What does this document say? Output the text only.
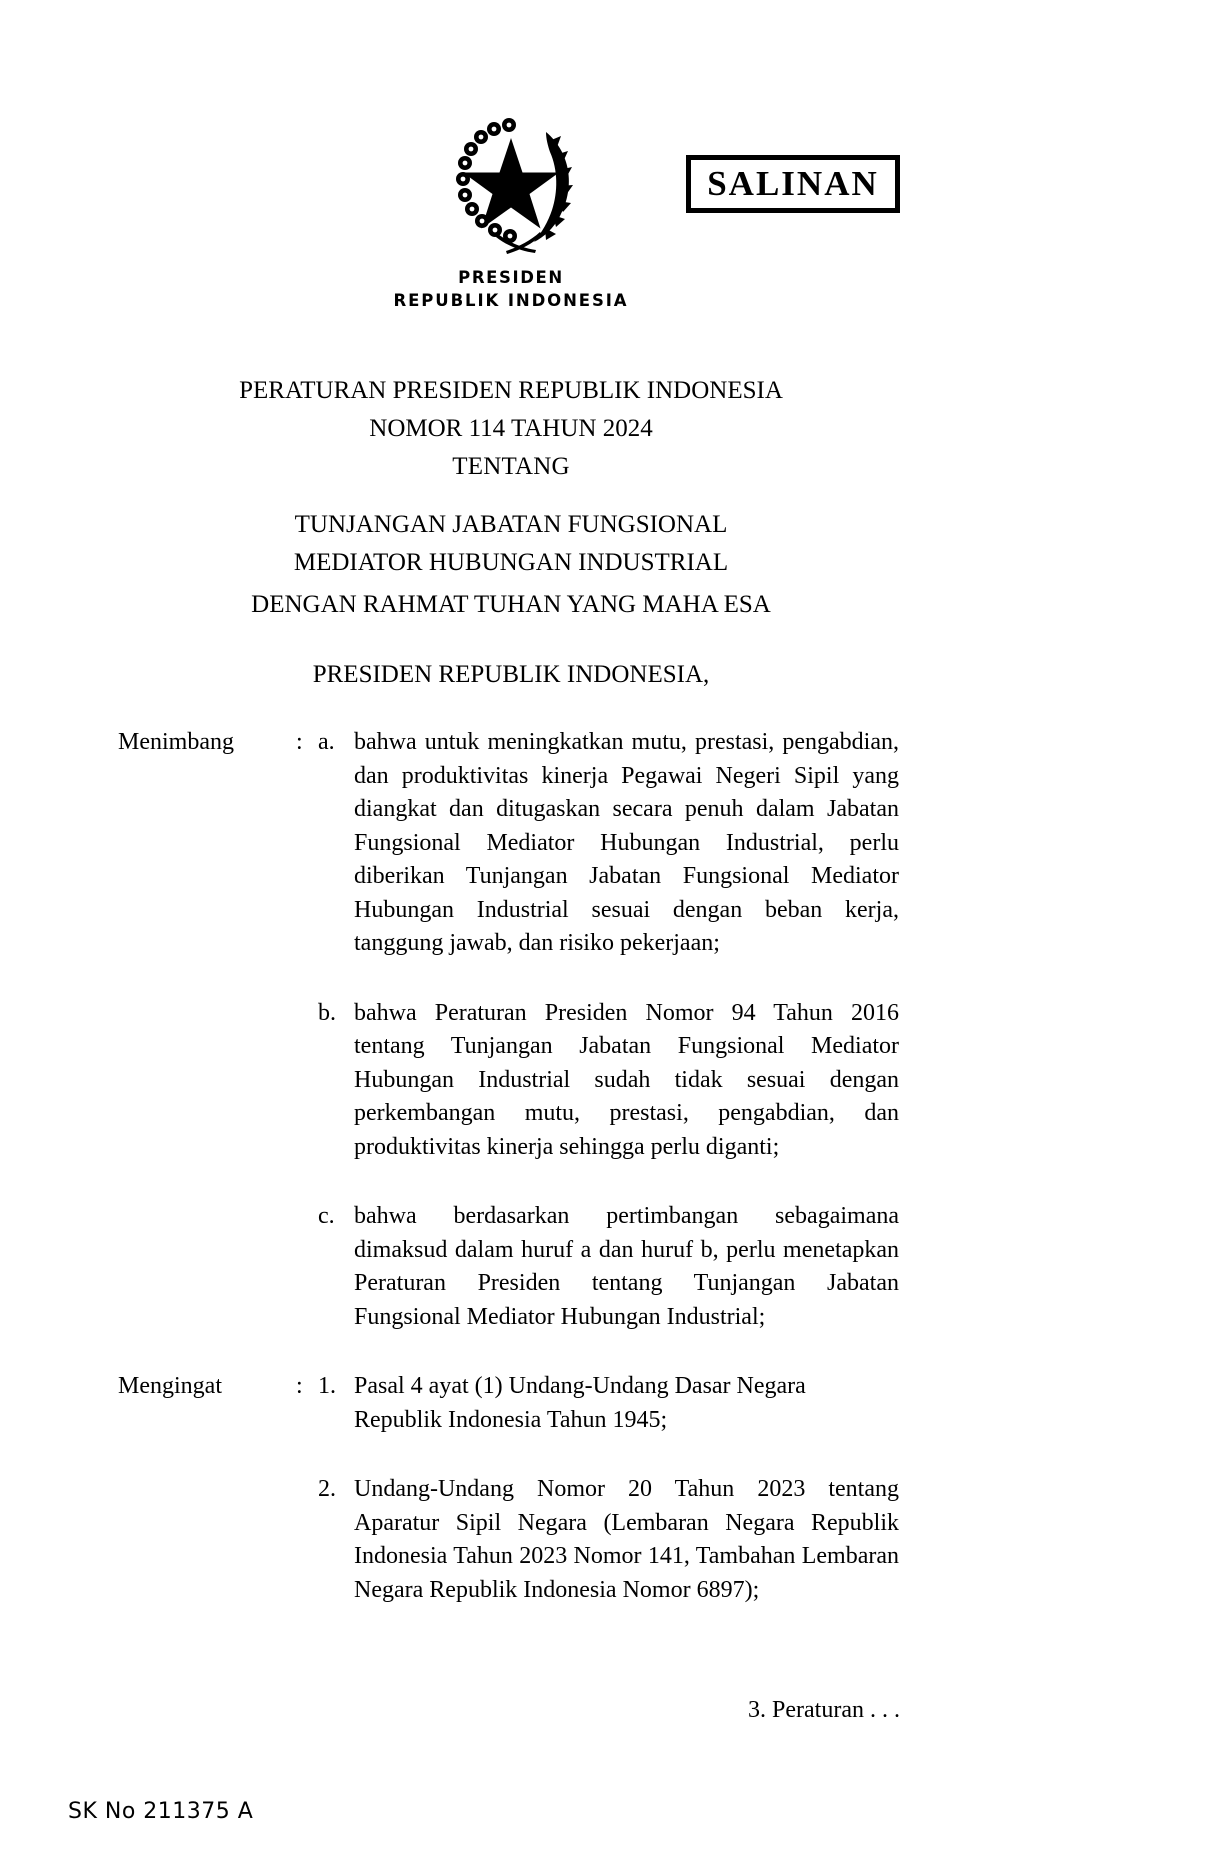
SALINAN
PRESIDEN
REPUBLIK INDONESIA
PERATURAN PRESIDEN REPUBLIK INDONESIA
NOMOR 114 TAHUN 2024
TENTANG
TUNJANGAN JABATAN FUNGSIONAL
MEDIATOR HUBUNGAN INDUSTRIAL
DENGAN RAHMAT TUHAN YANG MAHA ESA
PRESIDEN REPUBLIK INDONESIA,
Menimbang	: a. bahwa untuk meningkatkan mutu, prestasi, pengabdian, dan produktivitas kinerja Pegawai Negeri Sipil yang diangkat dan ditugaskan secara penuh dalam Jabatan Fungsional Mediator Hubungan Industrial, perlu diberikan Tunjangan Jabatan Fungsional Mediator Hubungan Industrial sesuai dengan beban kerja, tanggung jawab, dan risiko pekerjaan;
b. bahwa Peraturan Presiden Nomor 94 Tahun 2016 tentang Tunjangan Jabatan Fungsional Mediator Hubungan Industrial sudah tidak sesuai dengan perkembangan mutu, prestasi, pengabdian, dan produktivitas kinerja sehingga perlu diganti;
c. bahwa berdasarkan pertimbangan sebagaimana dimaksud dalam huruf a dan huruf b, perlu menetapkan Peraturan Presiden tentang Tunjangan Jabatan Fungsional Mediator Hubungan Industrial;
Mengingat	: 1. Pasal 4 ayat (1) Undang-Undang Dasar Negara Republik Indonesia Tahun 1945;
2. Undang-Undang Nomor 20 Tahun 2023 tentang Aparatur Sipil Negara (Lembaran Negara Republik Indonesia Tahun 2023 Nomor 141, Tambahan Lembaran Negara Republik Indonesia Nomor 6897);
3. Peraturan . . .
SK No 211375 A
